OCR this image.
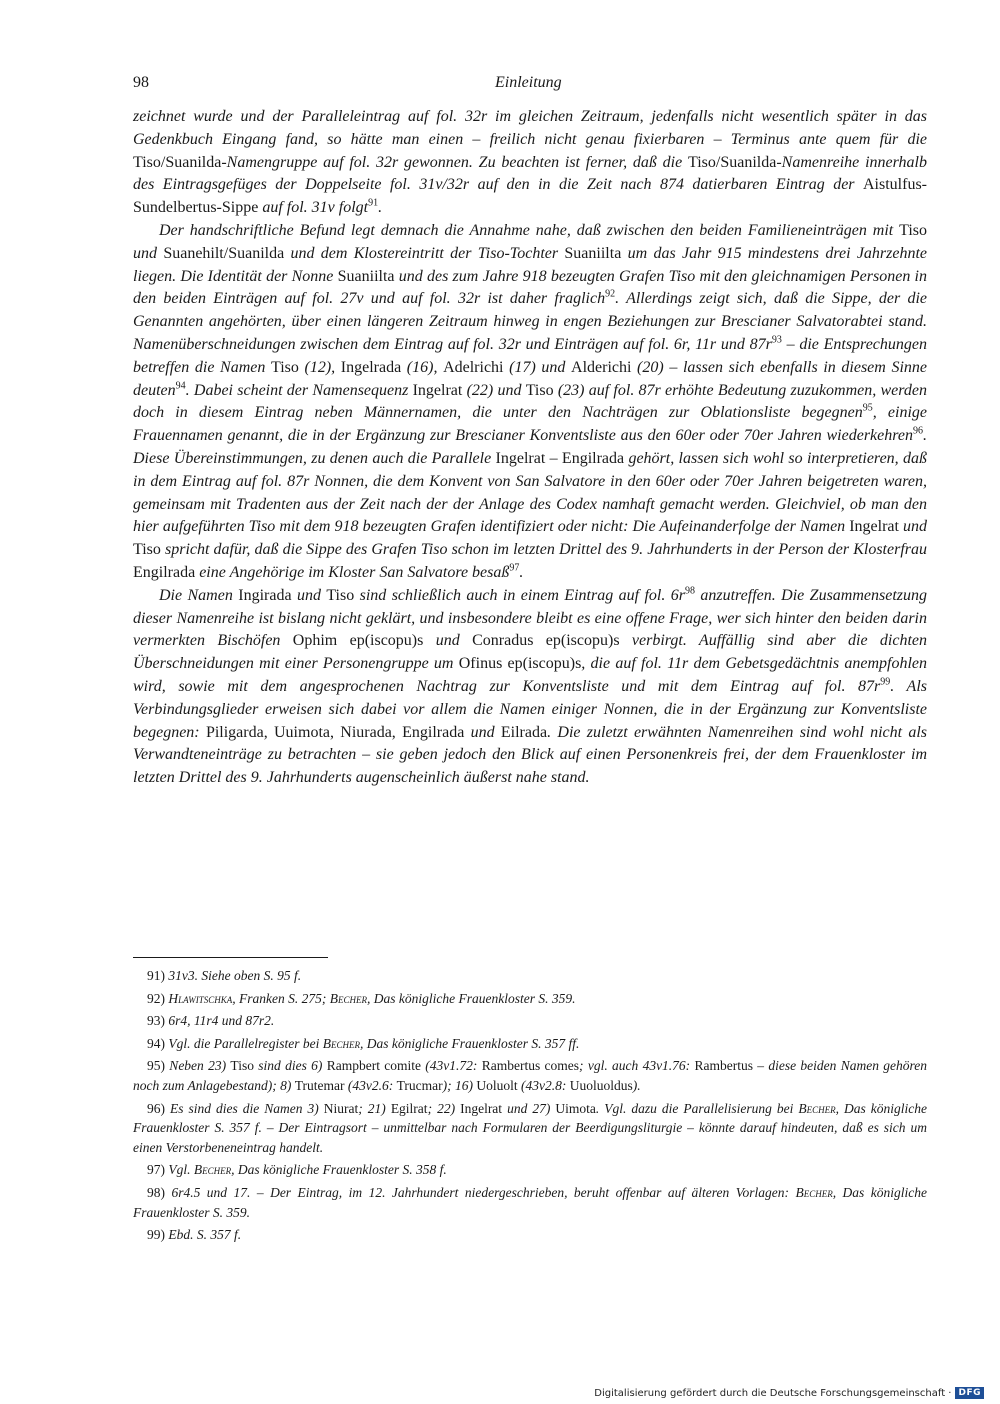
98	Einleitung

zeichnet wurde und der Paralleleintrag auf fol. 32r im gleichen Zeitraum, jedenfalls nicht wesentlich später in das Gedenkbuch Eingang fand, so hätte man einen – freilich nicht genau fixierbaren – Terminus ante quem für die Tiso/Suanilda-Namengruppe auf fol. 32r gewonnen. Zu beachten ist ferner, daß die Tiso/Suanilda-Namenreihe innerhalb des Eintragsgefüges der Doppelseite fol. 31v/32r auf den in die Zeit nach 874 datierbaren Eintrag der Aistulfus-Sundelbertus-Sippe auf fol. 31v folgt$^{91}$.

Der handschriftliche Befund legt demnach die Annahme nahe, daß zwischen den beiden Familieneinträgen mit Tiso und Suanehilt/Suanilda und dem Klostereintritt der Tiso-Tochter Suaniilta um das Jahr 915 mindestens drei Jahrzehnte liegen. Die Identität der Nonne Suaniilta und des zum Jahre 918 bezeugten Grafen Tiso mit den gleichnamigen Personen in den beiden Einträgen auf fol. 27v und auf fol. 32r ist daher fraglich$^{92}$. Allerdings zeigt sich, daß die Sippe, der die Genannten angehörten, über einen längeren Zeitraum hinweg in engen Beziehungen zur Brescianer Salvatorabtei stand. Namenüberschneidungen zwischen dem Eintrag auf fol. 32r und Einträgen auf fol. 6r, 11r und $87r^{93}$ – die Entsprechungen betreffen die Namen Tiso (12), Ingelrada (16), Adelrichi (17) und Alderichi (20) – lassen sich ebenfalls in diesem Sinne deuten$^{94}$. Dabei scheint der Namensequenz Ingelrat (22) und Tiso (23) auf fol. 87r erhöhte Bedeutung zuzukommen, werden doch in diesem Eintrag neben Männernamen, die unter den Nachträgen zur Oblationsliste begegnen$^{95}$, einige Frauennamen genannt, die in der Ergänzung zur Brescianer Konventsliste aus den 60er oder 70er Jahren wiederkehren$^{96}$. Diese Übereinstimmungen, zu denen auch die Parallele Ingelrat – Engilrada gehört, lassen sich wohl so interpretieren, daß in dem Eintrag auf fol. 87r Nonnen, die dem Konvent von San Salvatore in den 60er oder 70er Jahren beigetreten waren, gemeinsam mit Tradenten aus der Zeit nach der der Anlage des Codex namhaft gemacht werden. Gleichviel, ob man den hier aufgeführten Tiso mit dem 918 bezeugten Grafen identifiziert oder nicht: Die Aufeinanderfolge der Namen Ingelrat und Tiso spricht dafür, daß die Sippe des Grafen Tiso schon im letzten Drittel des 9. Jahrhunderts in der Person der Klosterfrau Engilrada eine Angehörige im Kloster San Salvatore besaß$^{97}$.

Die Namen Ingirada und Tiso sind schließlich auch in einem Eintrag auf fol. $6r^{98}$ anzutreffen. Die Zusammensetzung dieser Namenreihe ist bislang nicht geklärt, und insbesondere bleibt es eine offene Frage, wer sich hinter den beiden darin vermerkten Bischöfen Ophim ep(iscopu)s und Conradus ep(iscopu)s verbirgt. Auffällig sind aber die dichten Überschneidungen mit einer Personengruppe um Ofinus ep(iscopu)s, die auf fol. 11r dem Gebetsgedächtnis anempfohlen wird, sowie mit dem angesprochenen Nachtrag zur Konventsliste und mit dem Eintrag auf fol. $87r^{99}$. Als Verbindungsglieder erweisen sich dabei vor allem die Namen einiger Nonnen, die in der Ergänzung zur Konventsliste begegnen: Piligarda, Uuimota, Niurada, Engilrada und Eilrada. Die zuletzt erwähnten Namenreihen sind wohl nicht als Verwandteneinträge zu betrachten – sie geben jedoch den Blick auf einen Personenkreis frei, der dem Frauenkloster im letzten Drittel des 9. Jahrhunderts augenscheinlich äußerst nahe stand.

91) 31v3. Siehe oben S. 95 f.

92) Hlawitschka, Franken S. 275; Becher, Das königliche Frauenkloster S. 359.

93) 6r4, 11r4 und 87r2.

94) Vgl. die Parallelregister bei Becher, Das königliche Frauenkloster S. 357 ff.

95) Neben 23) Tiso sind dies 6) Rampbert comite (43v1.72: Rambertus comes; vgl. auch 43v1.76: Rambertus – diese beiden Namen gehören noch zum Anlagebestand); 8) Trutemar (43v2.6: Trucmar); 16) Uoluolt (43v2.8: Uuoluoldus).

96) Es sind dies die Namen 3) Niurat; 21) Egilrat; 22) Ingelrat und 27) Uimota. Vgl. dazu die Parallelisierung bei Becher, Das königliche Frauenkloster S. 357 f. – Der Eintragsort – unmittelbar nach Formularen der Beerdigungsliturgie – könnte darauf hindeuten, daß es sich um einen Verstorbeneneintrag handelt.

97) Vgl. Becher, Das königliche Frauenkloster S. 358 f.

98) 6r4.5 und 17. – Der Eintrag, im 12. Jahrhundert niedergeschrieben, beruht offenbar auf älteren Vorlagen: Becher, Das königliche Frauenkloster S. 359.

99) Ebd. S. 357 f.

Digitalisierung gefördert durch die Deutsche Forschungsgemeinschaft · DFG
